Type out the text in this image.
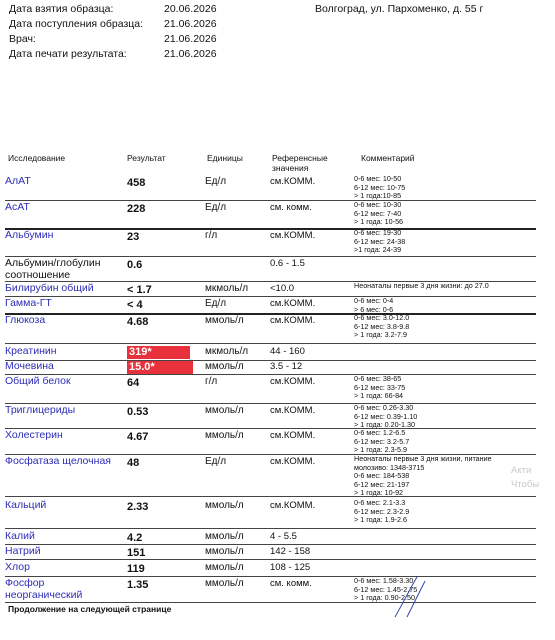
Дата взятия образца:	20.06.2026
Дата поступления образца: 21.06.2026
Врач:	21.06.2026
Дата печати результата:	21.06.2026
Волгоград, ул. Пархоменко, д. 55 г
Исследование	Результат	Единицы	Референсные значения
Комментарий
АлАТ	458	Ед/л	см.КОММ.	0-6 мес: 10-50
6-12 мес: 10-75
> 1 года:10-85
АсАТ	228	Ед/л	см. комм.	0-6 мес: 10-30
6-12 мес: 7-40
> 1 года: 10-56
Альбумин	23	г/л	см.КОММ.	0-6 мес: 19-30
6-12 мес: 24-38
>1 года: 24-39
Альбумин/глобулин соотношение
0.6	0.6 - 1.5
Билирубин общий	< 1.7	мкмоль/л <10.0	Неонаталы первые 3 дня жизни: до 27.0
Гамма-ГТ	< 4	Ед/л	см.КОММ.	0-6 мес: 0-4
> 6 мес: 0-6
Глюкоза	4.68	ммоль/л	см.КОММ.	0-6 мес: 3.0-12.0
6-12 мес: 3.8-9.8
> 1 года: 3.2-7.9
Креатинин	319*	мкмоль/л 44 - 160
Мочевина	15.0*	ммоль/л	3.5 - 12
Общий белок	64	г/л	см.КОММ.	0-6 мес: 38-65
6-12 мес: 33-75
> 1 года: 66-84
Триглицериды	0.53	ммоль/л	см.КОММ.	0-6 мес: 0.26-3.30
6-12 мес: 0.39-1.10
> 1 года: 0.20-1.30
Холестерин	4.67	ммоль/л	см.КОММ.	0-6 мес: 1.2-6.5
6-12 мес: 3.2-5.7
> 1 года: 2.3-5.9
Фосфатаза щелочная 48	Ед/л	см.КОММ.	Неонаталы первые 3 дня жизни, питание
молозиво: 1348-3715
0-6 мес: 184-538
6-12 мес: 21-197
> 1 года: 10-92
Кальций	2.33	ммоль/л	см.КОММ.	0-6 мес: 2.1-3.3
6-12 мес: 2.3-2.9
> 1 года: 1.9-2.6
Калий	4.2	ммоль/л	4 - 5.5
Натрий	151	ммоль/л	142 - 158
Хлор	119	ммоль/л	108 - 125
Фосфор неорганический
1.35	ммоль/л	см. комм.	0-6 мес: 1.58-3.30
6-12 мес: 1.45-2.75
> 1 года: 0.90-2.50
Продолжение на следующей странице
Акти
Чтобы
